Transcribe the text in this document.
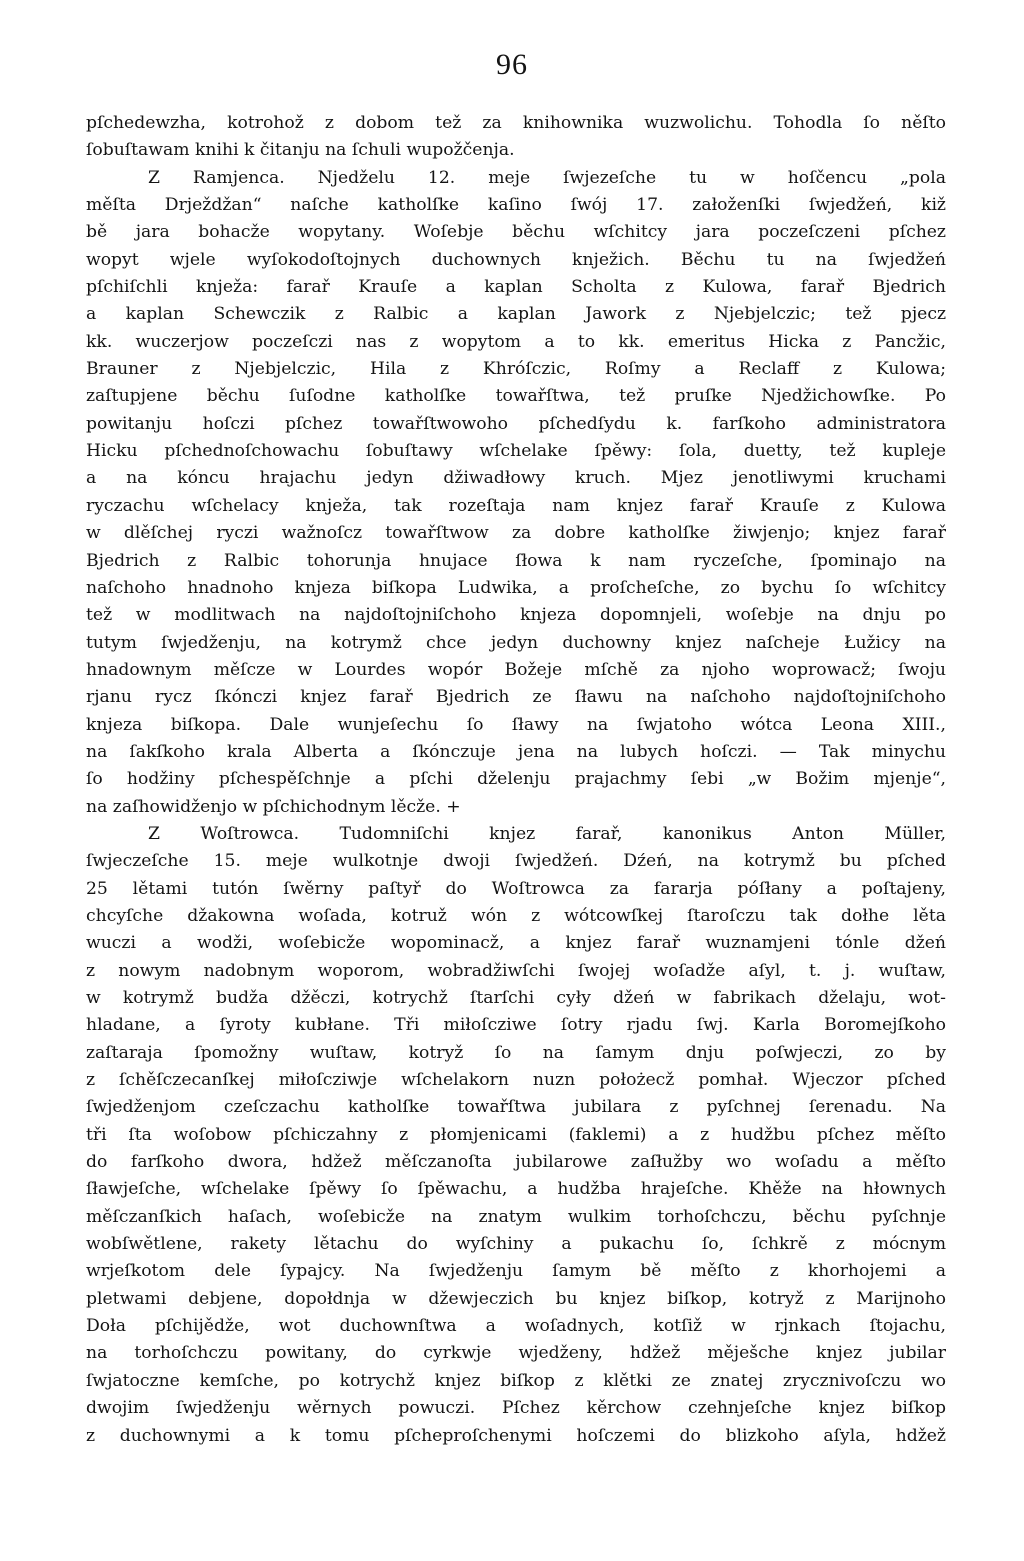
96
pſchedewzha, kotrohož z dobom tež za knihownika wuzwolichu. Tohodla ſo něſto
ſobuſtawam knihi k čitanju na ſchuli wupožčenja.
Z Ramjenca. Njedželu 12. meje ſwjezeſche tu w hoſčencu „pola
měſta Drježdžan“ naſche katholſke kaſino ſwój 17. załoženſki ſwjedžeń, kiž
bě jara bohacže wopytany. Woſebje běchu wſchitcy jara poczeſczeni pſchez
wopyt wjele wyſokodoſtojnych duchownych knježich. Běchu tu na ſwjedžeń
pſchiſchli knježa: farař Krauſe a kaplan Scholta z Kulowa, farař Bjedrich
a kaplan Schewczik z Ralbic a kaplan Jawork z Njebjelczic; tež pjecz
kk. wuczerjow poczeſczi nas z wopytom a to kk. emeritus Hicka z Pancžic,
Brauner z Njebjelczic, Hila z Khróſczic, Roſmy a Reclaff z Kulowa;
zaſtupjene běchu ſuſodne katholſke towařſtwa, tež pruſke Njedžichowſke. Po
powitanju hoſczi pſchez towařſtwowoho pſchedſydu k. farſkoho administratora
Hicku pſchednoſchowachu ſobuſtawy wſchelake ſpěwy: ſola, duetty, tež kupleje
a na kóncu hrajachu jedyn džiwadłowy kruch. Mjez jenotliwymi kruchami
ryczachu wſchelacy knježa, tak rozeſtaja nam knjez farař Krauſe z Kulowa
w dlěſchej ryczi wažnoſcz towařſtwow za dobre katholſke žiwjenjo; knjez farař
Bjedrich z Ralbic tohorunja hnujace ſłowa k nam ryczeſche, ſpominajo na
naſchoho hnadnoho knjeza biſkopa Ludwika, a proſcheſche, zo bychu ſo wſchitcy
tež w modlitwach na najdoſtojniſchoho knjeza dopomnjeli, woſebje na dnju po
tutym ſwjedženju, na kotrymž chce jedyn duchowny knjez naſcheje Łužicy na
hnadownym měſcze w Lourdes wopór Božeje mſchě za njoho woprowacž; ſwoju
rjanu rycz ſkónczi knjez farař Bjedrich ze ſławu na naſchoho najdoſtojniſchoho
knjeza biſkopa. Dale wunjeſechu ſo ſławy na ſwjatoho wótca Leona XIII.,
na ſakſkoho krala Alberta a ſkónczuje jena na lubych hoſczi. — Tak minychu
ſo hodžiny pſchespěſchnje a pſchi dželenju prajachmy ſebi „w Božim mjenje“,
na zaſhowidženjo w pſchichodnym lěcže. +
Z Woſtrowca. Tudomniſchi knjez farař, kanonikus Anton Müller,
ſwjeczeſche 15. meje wulkotnje dwoji ſwjedžeń. Dźeń, na kotrymž bu pſched
25 lětami tutón ſwěrny paſtyř do Woſtrowca za fararja póſłany a poſtajeny,
chcyſche džakowna woſada, kotruž wón z wótcowſkej ſtaroſczu tak dołhe lěta
wuczi a wodži, woſebicže wopominacž, a knjez farař wuznamjeni tónle džeń
z nowym nadobnym woporom, wobradžiwſchi ſwojej woſadže aſyl, t. j. wuſtaw,
w kotrymž budža džěczi, kotrychž ſtarſchi cyły džeń w fabrikach dželaju, wot-
hladane, a ſyroty kubłane. Tři miłoſcziwe ſotry rjadu ſwj. Karla Boromejſkoho
zaſtaraja ſpomožny wuſtaw, kotryž ſo na ſamym dnju poſwjeczi, zo by
z ſchěſczecanſkej miłoſcziwje wſchelakorn nuzn położecž pomhał. Wjeczor pſched
ſwjedženjom czeſczachu katholſke towařſtwa jubilara z pyſchnej ſerenadu. Na
tři ſta woſobow pſchiczahny z płomjenicami (faklemi) a z hudžbu pſchez měſto
do farſkoho dwora, hdžež měſczanoſta jubilarowe zaſłužby wo woſadu a měſto
ſławjeſche, wſchelake ſpěwy ſo ſpěwachu, a hudžba hrajeſche. Khěže na hłownych
měſczanſkich haſach, woſebicže na znatym wulkim torhoſchczu, běchu pyſchnje
wobſwětlene, rakety lětachu do wyſchiny a pukachu ſo, ſchkrě z mócnym
wrjeſkotom dele ſypajcy. Na ſwjedženju ſamym bě měſto z khorhojemi a
pletwami debjene, dopołdnja w džewjeczich bu knjez biſkop, kotryž z Marijnoho
Doła pſchijědže, wot duchownſtwa a woſadnych, kotſiž w rjnkach ſtojachu,
na torhoſchczu powitany, do cyrkwje wjedženy, hdžež měješche knjez jubilar
ſwjatoczne kemſche, po kotrychž knjez biſkop z klětki ze znatej zrycznivoſczu wo
dwojim ſwjedženju wěrnych powuczi. Pſchez kěrchow czehnjeſche knjez biſkop
z duchownymi a k tomu pſcheproſchenymi hoſczemi do blizkoho aſyla, hdžež
